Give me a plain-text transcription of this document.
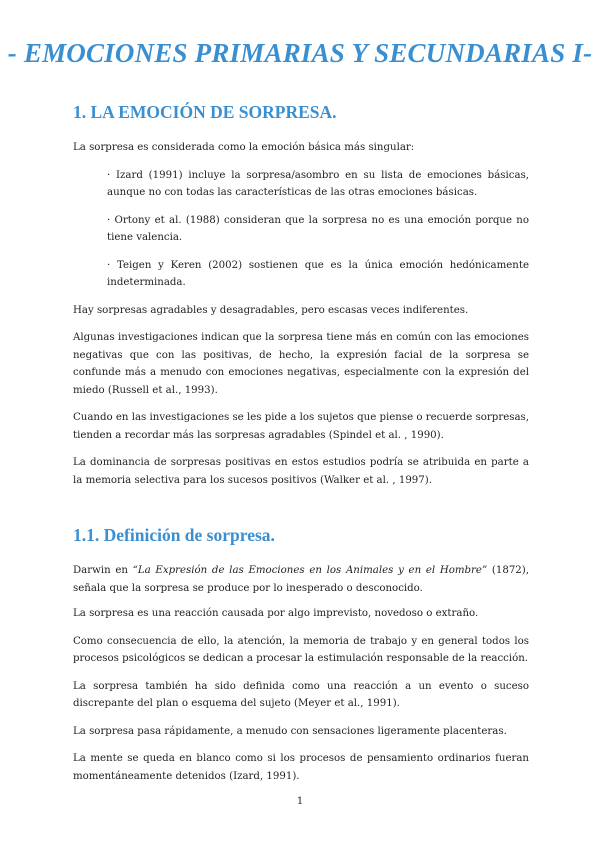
- EMOCIONES PRIMARIAS Y SECUNDARIAS I-
1. LA EMOCIÓN DE SORPRESA.

La sorpresa es considerada como la emoción básica más singular:

· Izard (1991) incluye la sorpresa/asombro en su lista de emociones básicas, aunque no con todas las características de las otras emociones básicas.

· Ortony et al. (1988) consideran que la sorpresa no es una emoción porque no tiene valencia.

· Teigen y Keren (2002) sostienen que es la única emoción hedónicamente indeterminada.

Hay sorpresas agradables y desagradables, pero escasas veces indiferentes.

Algunas investigaciones indican que la sorpresa tiene más en común con las emociones negativas que con las positivas, de hecho, la expresión facial de la sorpresa se confunde más a menudo con emociones negativas, especialmente con la expresión del miedo (Russell et al., 1993).

Cuando en las investigaciones se les pide a los sujetos que piense o recuerde sorpresas, tienden a recordar más las sorpresas agradables (Spindel et al. , 1990).

La dominancia de sorpresas positivas en estos estudios podría se atribuida en parte a la memoria selectiva para los sucesos positivos (Walker et al. , 1997).

1.1. Definición de sorpresa.

Darwin en “La Expresión de las Emociones en los Animales y en el Hombre” (1872), señala que la sorpresa se produce por lo inesperado o desconocido.

La sorpresa es una reacción causada por algo imprevisto, novedoso o extraño.

Como consecuencia de ello, la atención, la memoria de trabajo y en general todos los procesos psicológicos se dedican a procesar la estimulación responsable de la reacción.

La sorpresa también ha sido definida como una reacción a un evento o suceso discrepante del plan o esquema del sujeto (Meyer et al., 1991).

La sorpresa pasa rápidamente, a menudo con sensaciones ligeramente placenteras.

La mente se queda en blanco como si los procesos de pensamiento ordinarios fueran momentáneamente detenidos (Izard, 1991).

1
